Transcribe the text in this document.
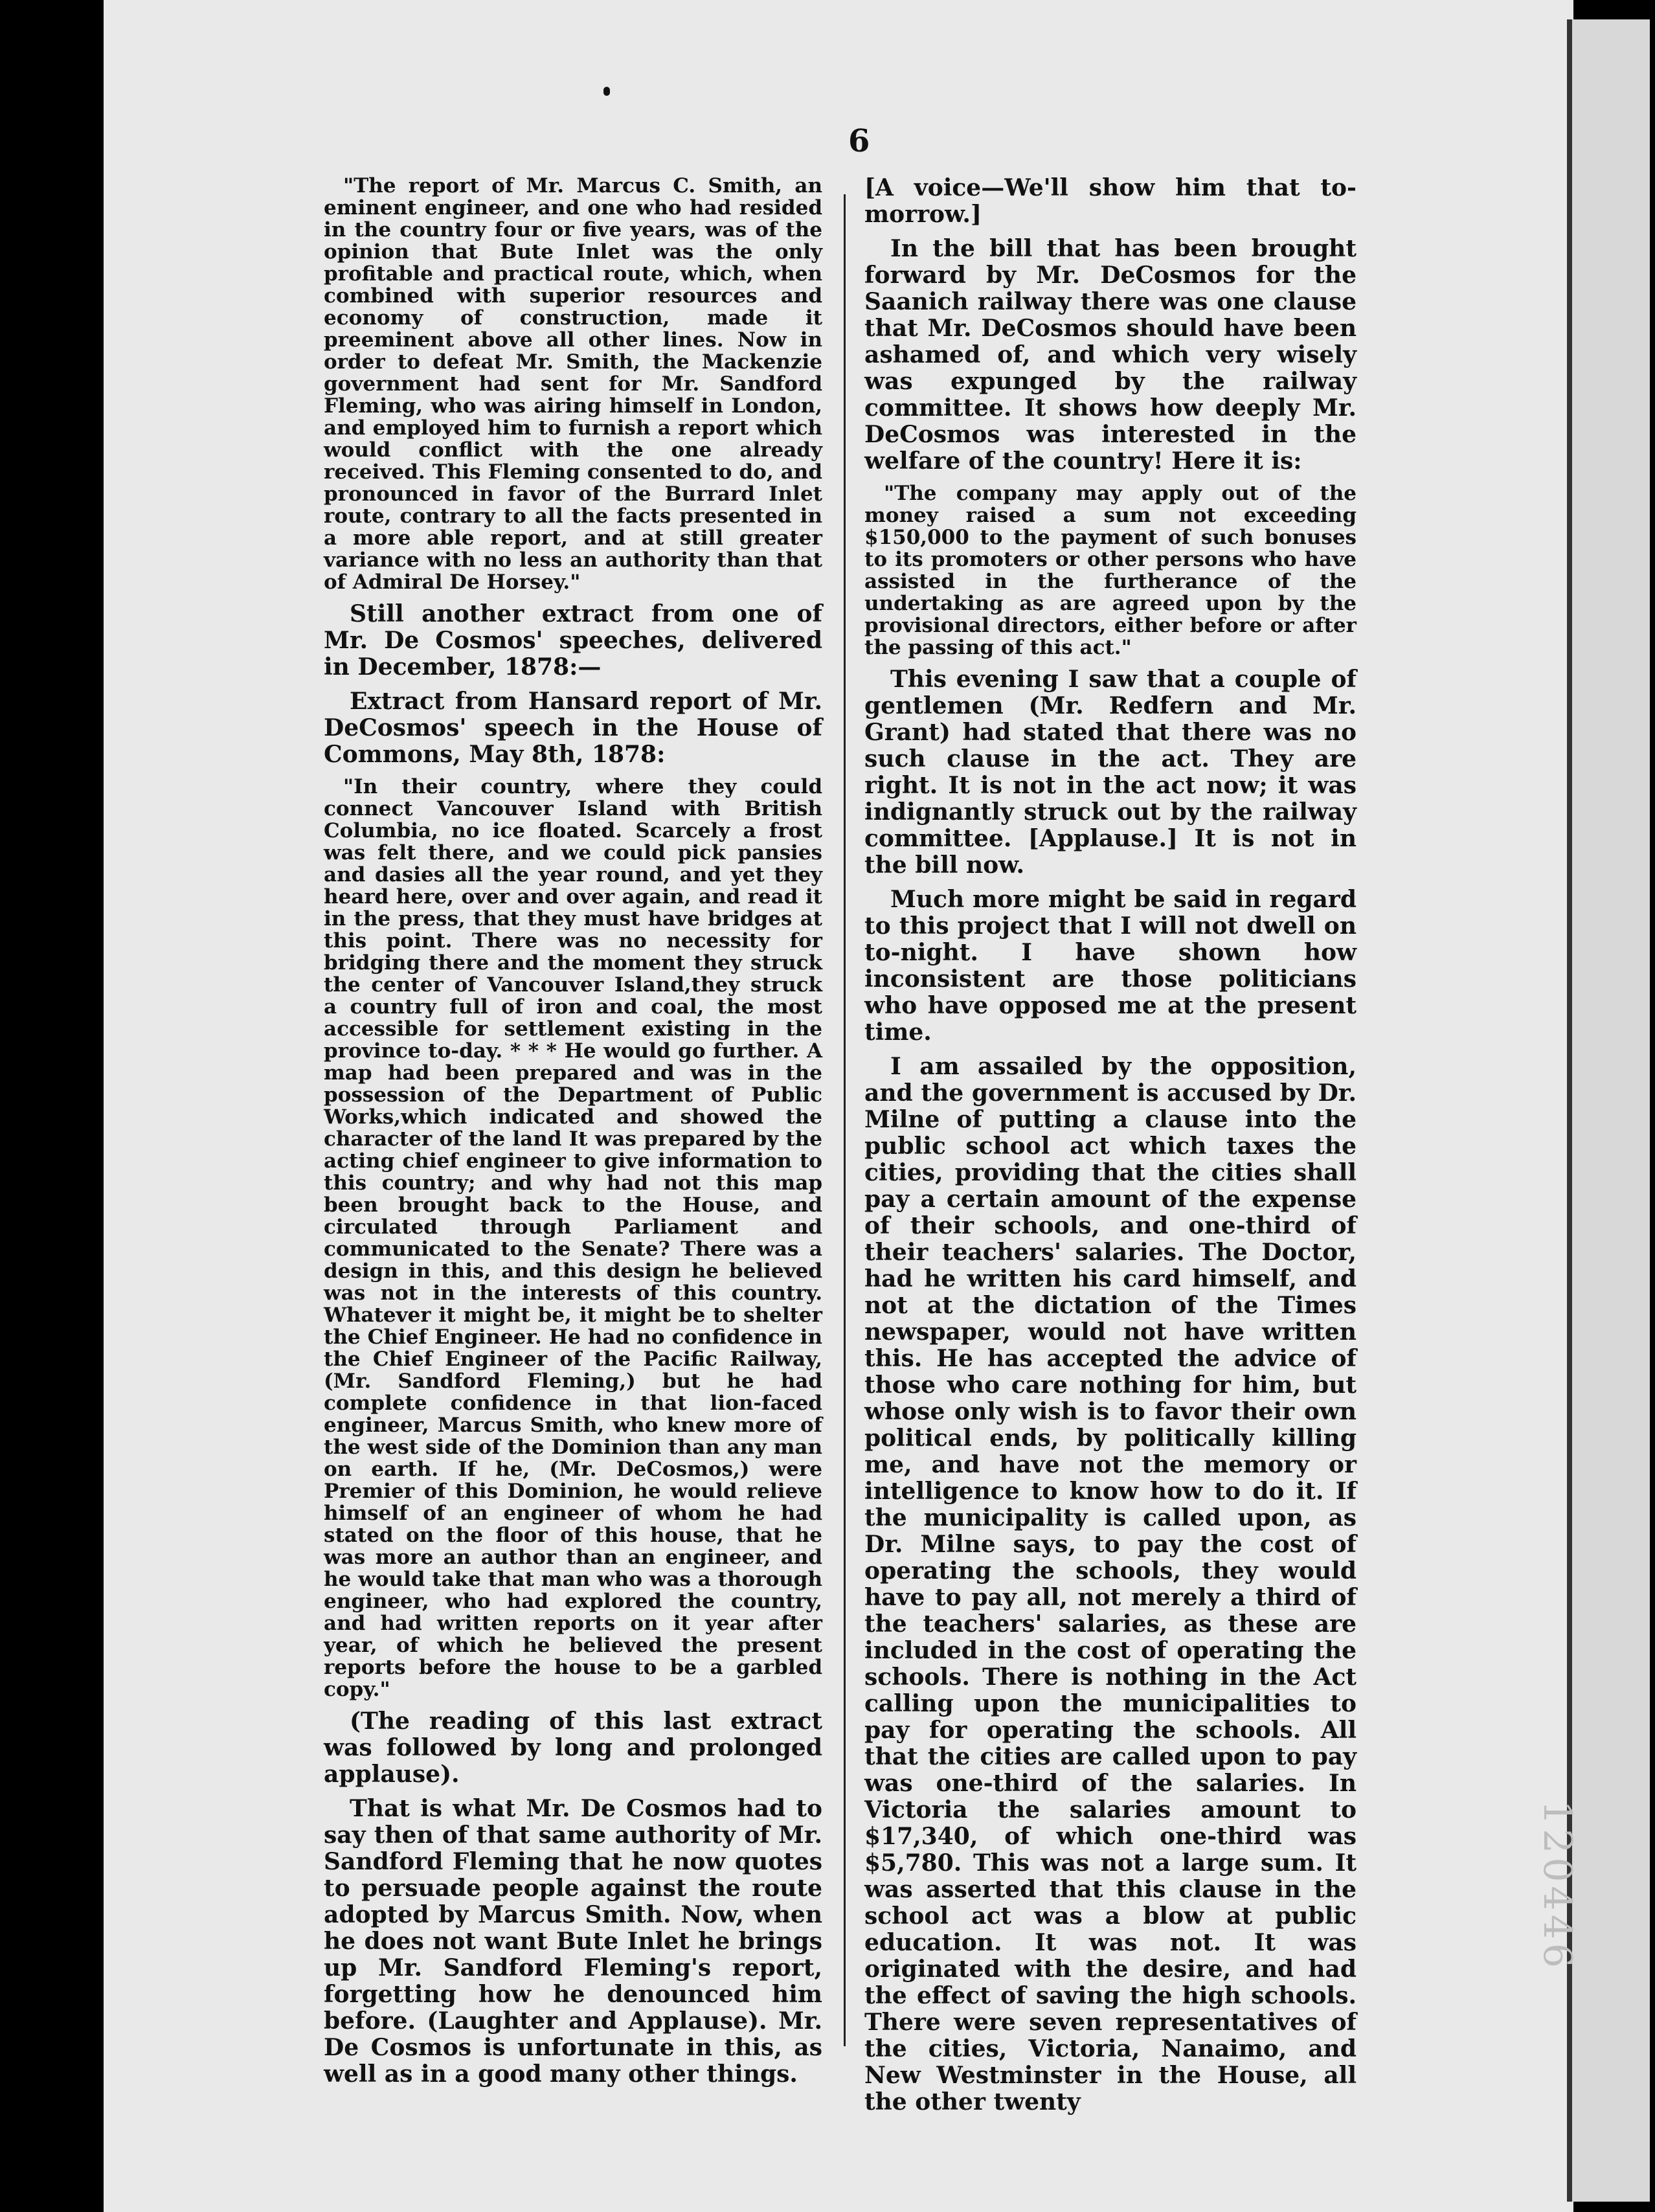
120446
6

"The report of Mr. Marcus C. Smith, an eminent engineer, and one who had resided in the country four or five years, was of the opinion that Bute Inlet was the only profitable and practical route, which, when combined with superior resources and economy of construction, made it preeminent above all other lines. Now in order to defeat Mr. Smith, the Mackenzie government had sent for Mr. Sandford Fleming, who was airing himself in London, and employed him to furnish a report which would conflict with the one already received. This Fleming consented to do, and pronounced in favor of the Burrard Inlet route, contrary to all the facts presented in a more able report, and at still greater variance with no less an authority than that of Admiral De Horsey."

Still another extract from one of Mr. De Cosmos' speeches, delivered in December, 1878:—

Extract from Hansard report of Mr. DeCosmos' speech in the House of Commons, May 8th, 1878:

"In their country, where they could connect Vancouver Island with British Columbia, no ice floated. Scarcely a frost was felt there, and we could pick pansies and dasies all the year round, and yet they heard here, over and over again, and read it in the press, that they must have bridges at this point. There was no necessity for bridging there and the moment they struck the center of Vancouver Island,they struck a country full of iron and coal, the most accessible for settlement existing in the province to-day. * * * He would go further. A map had been prepared and was in the possession of the Department of Public Works,which indicated and showed the character of the land It was prepared by the acting chief engineer to give information to this country; and why had not this map been brought back to the House, and circulated through Parliament and communicated to the Senate? There was a design in this, and this design he believed was not in the interests of this country. Whatever it might be, it might be to shelter the Chief Engineer. He had no confidence in the Chief Engineer of the Pacific Railway, (Mr. Sandford Fleming,) but he had complete confidence in that lion-faced engineer, Marcus Smith, who knew more of the west side of the Dominion than any man on earth. If he, (Mr. DeCosmos,) were Premier of this Dominion, he would relieve himself of an engineer of whom he had stated on the floor of this house, that he was more an author than an engineer, and he would take that man who was a thorough engineer, who had explored the country, and had written reports on it year after year, of which he believed the present reports before the house to be a garbled copy."

(The reading of this last extract was followed by long and prolonged applause).

That is what Mr. De Cosmos had to say then of that same authority of Mr. Sandford Fleming that he now quotes to persuade people against the route adopted by Marcus Smith. Now, when he does not want Bute Inlet he brings up Mr. Sandford Fleming's report, forgetting how he denounced him before. (Laughter and Applause). Mr. De Cosmos is unfortunate in this, as well as in a good many other things.

[A voice—We'll show him that to-morrow.]

In the bill that has been brought forward by Mr. DeCosmos for the Saanich railway there was one clause that Mr. DeCosmos should have been ashamed of, and which very wisely was expunged by the railway committee. It shows how deeply Mr. DeCosmos was interested in the welfare of the country! Here it is:

"The company may apply out of the money raised a sum not exceeding $150,000 to the payment of such bonuses to its promoters or other persons who have assisted in the furtherance of the undertaking as are agreed upon by the provisional directors, either before or after the passing of this act."

This evening I saw that a couple of gentlemen (Mr. Redfern and Mr. Grant) had stated that there was no such clause in the act. They are right. It is not in the act now; it was indignantly struck out by the railway committee. [Applause.] It is not in the bill now.

Much more might be said in regard to this project that I will not dwell on to-night. I have shown how inconsistent are those politicians who have opposed me at the present time.

I am assailed by the opposition, and the government is accused by Dr. Milne of putting a clause into the public school act which taxes the cities, providing that the cities shall pay a certain amount of the expense of their schools, and one-third of their teachers' salaries. The Doctor, had he written his card himself, and not at the dictation of the Times newspaper, would not have written this. He has accepted the advice of those who care nothing for him, but whose only wish is to favor their own political ends, by politically killing me, and have not the memory or intelligence to know how to do it. If the municipality is called upon, as Dr. Milne says, to pay the cost of operating the schools, they would have to pay all, not merely a third of the teachers' salaries, as these are included in the cost of operating the schools. There is nothing in the Act calling upon the municipalities to pay for operating the schools. All that the cities are called upon to pay was one-third of the salaries. In Victoria the salaries amount to $17,340, of which one-third was $5,780. This was not a large sum. It was asserted that this clause in the school act was a blow at public education. It was not. It was originated with the desire, and had the effect of saving the high schools. There were seven representatives of the cities, Victoria, Nanaimo, and New Westminster in the House, all the other twenty
